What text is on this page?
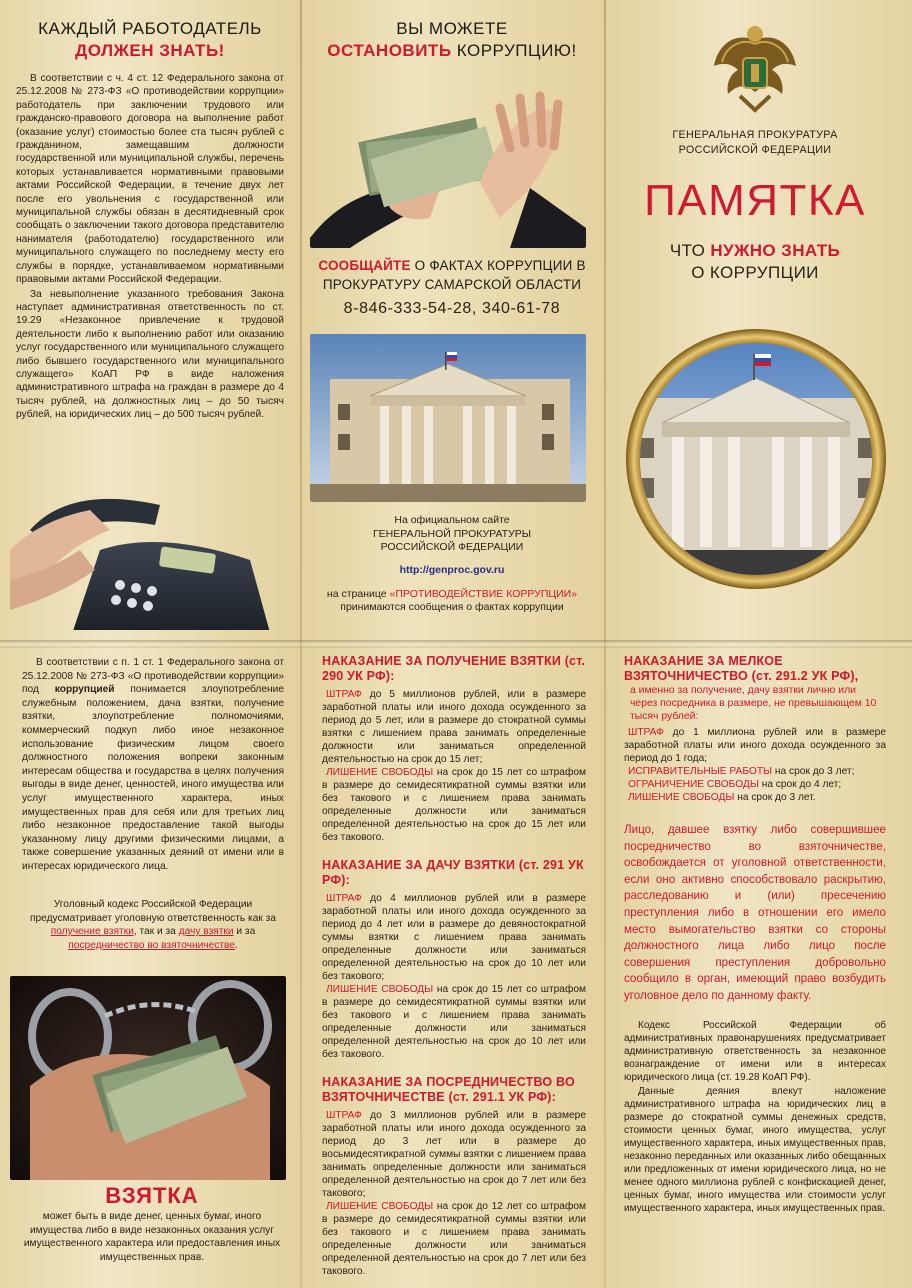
КАЖДЫЙ РАБОТОДАТЕЛЬ
ДОЛЖЕН ЗНАТЬ!

В соответствии с ч. 4 ст. 12 Федерального закона от 25.12.2008 № 273-ФЗ «О противодействии коррупции» работодатель при заключении трудового или гражданско-правового договора на выполнение работ (оказание услуг) стоимостью более ста тысяч рублей с гражданином, замещавшим должности государственной или муниципальной службы, перечень которых устанавливается нормативными правовыми актами Российской Федерации, в течение двух лет после его увольнения с государственной или муниципальной службы обязан в десятидневный срок сообщать о заключении такого договора представителю нанимателя (работодателю) государственного или муниципального служащего по последнему месту его службы в порядке, устанавливаемом нормативными правовыми актами Российской Федерации.

За невыполнение указанного требования Закона наступает административная ответственность по ст. 19.29 «Незаконное привлечение к трудовой деятельности либо к выполнению работ или оказанию услуг государственного или муниципального служащего либо бывшего государственного или муниципального служащего» КоАП РФ в виде наложения административного штрафа на граждан в размере до 4 тысяч рублей, на должностных лиц – до 50 тысяч рублей, на юридических лиц – до 500 тысяч рублей.

ВЫ МОЖЕТЕ
ОСТАНОВИТЬ КОРРУПЦИЮ!
СООБЩАЙТЕ О ФАКТАХ КОРРУПЦИИ В ПРОКУРАТУРУ САМАРСКОЙ ОБЛАСТИ
8-846-333-54-28, 340-61-78
На официальном сайте
ГЕНЕРАЛЬНОЙ ПРОКУРАТУРЫ
РОССИЙСКОЙ ФЕДЕРАЦИИ
http://genproc.gov.ru
на странице «ПРОТИВОДЕЙСТВИЕ КОРРУПЦИИ»
принимаются сообщения о фактах коррупции
ГЕНЕРАЛЬНАЯ ПРОКУРАТУРА
РОССИЙСКОЙ ФЕДЕРАЦИИ
ПАМЯТКА
ЧТО НУЖНО ЗНАТЬ
О КОРРУПЦИИ

В соответствии с п. 1 ст. 1 Федерального закона от 25.12.2008 № 273-ФЗ «О противодействии коррупции» под коррупцией понимается злоупотребление служебным положением, дача взятки, получение взятки, злоупотребление полномочиями, коммерческий подкуп либо иное незаконное использование физическим лицом своего должностного положения вопреки законным интересам общества и государства в целях получения выгоды в виде денег, ценностей, иного имущества или услуг имущественного характера, иных имущественных прав для себя или для третьих лиц либо незаконное предоставление такой выгоды указанному лицу другими физическими лицами, а также совершение указанных деяний от имени или в интересах юридического лица.

Уголовный кодекс Российской Федерации предусматривает уголовную ответственность как за получение взятки, так и за дачу взятки и за посредничество во взяточничестве.
ВЗЯТКА
может быть в виде денег, ценных бумаг, иного имущества либо в виде незаконных оказания услуг имущественного характера или предоставления иных имущественных прав.
НАКАЗАНИЕ ЗА ПОЛУЧЕНИЕ ВЗЯТКИ (ст. 290 УК РФ):

ШТРАФ до 5 миллионов рублей, или в размере заработной платы или иного дохода осужденного за период до 5 лет, или в размере до стократной суммы взятки с лишением права занимать определенные должности или заниматься определенной деятельностью на срок до 15 лет;

ЛИШЕНИЕ СВОБОДЫ на срок до 15 лет со штрафом в размере до семидесятикратной суммы взятки или без такового и с лишением права занимать определенные должности или заниматься определенной деятельностью на срок до 15 лет или без такового.

НАКАЗАНИЕ ЗА ДАЧУ ВЗЯТКИ (ст. 291 УК РФ):

ШТРАФ до 4 миллионов рублей или в размере заработной платы или иного дохода осужденного за период до 4 лет или в размере до девяностократной суммы взятки с лишением права занимать определенные должности или заниматься определенной деятельностью на срок до 10 лет или без такового;

ЛИШЕНИЕ СВОБОДЫ на срок до 15 лет со штрафом в размере до семидесятикратной суммы взятки или без такового и с лишением права занимать определенные должности или заниматься определенной деятельностью на срок до 10 лет или без такового.

НАКАЗАНИЕ ЗА ПОСРЕДНИЧЕСТВО ВО ВЗЯТОЧНИЧЕСТВЕ (ст. 291.1 УК РФ):

ШТРАФ до 3 миллионов рублей или в размере заработной платы или иного дохода осужденного за период до 3 лет или в размере до восьмидесятикратной суммы взятки с лишением права занимать определенные должности или заниматься определенной деятельностью на срок до 7 лет или без такового;

ЛИШЕНИЕ СВОБОДЫ на срок до 12 лет со штрафом в размере до семидесятикратной суммы взятки или без такового и с лишением права занимать определенные должности или заниматься определенной деятельностью на срок до 7 лет или без такового.

НАКАЗАНИЕ ЗА МЕЛКОЕ ВЗЯТОЧНИЧЕСТВО (ст. 291.2 УК РФ),
а именно за получение, дачу взятки лично или через посредника в размере, не превышающем 10 тысяч рублей:

ШТРАФ до 1 миллиона рублей или в размере заработной платы или иного дохода осужденного за период до 1 года;

ИСПРАВИТЕЛЬНЫЕ РАБОТЫ на срок до 3 лет;

ОГРАНИЧЕНИЕ СВОБОДЫ на срок до 4 лет;

ЛИШЕНИЕ СВОБОДЫ на срок до 3 лет.

Лицо, давшее взятку либо совершившее посредничество во взяточничестве, освобождается от уголовной ответственности, если оно активно способствовало раскрытию, расследованию и (или) пресечению преступления либо в отношении его имело место вымогательство взятки со стороны должностного лица либо лицо после совершения преступления добровольно сообщило в орган, имеющий право возбудить уголовное дело по данному факту.

Кодекс Российской Федерации об административных правонарушениях предусматривает административную ответственность за незаконное вознаграждение от имени или в интересах юридического лица (ст. 19.28 КоАП РФ).

Данные деяния влекут наложение административного штрафа на юридических лиц в размере до стократной суммы денежных средств, стоимости ценных бумаг, иного имущества, услуг имущественного характера, иных имущественных прав, незаконно переданных или оказанных либо обещанных или предложенных от имени юридического лица, но не менее одного миллиона рублей с конфискацией денег, ценных бумаг, иного имущества или стоимости услуг имущественного характера, иных имущественных прав.
